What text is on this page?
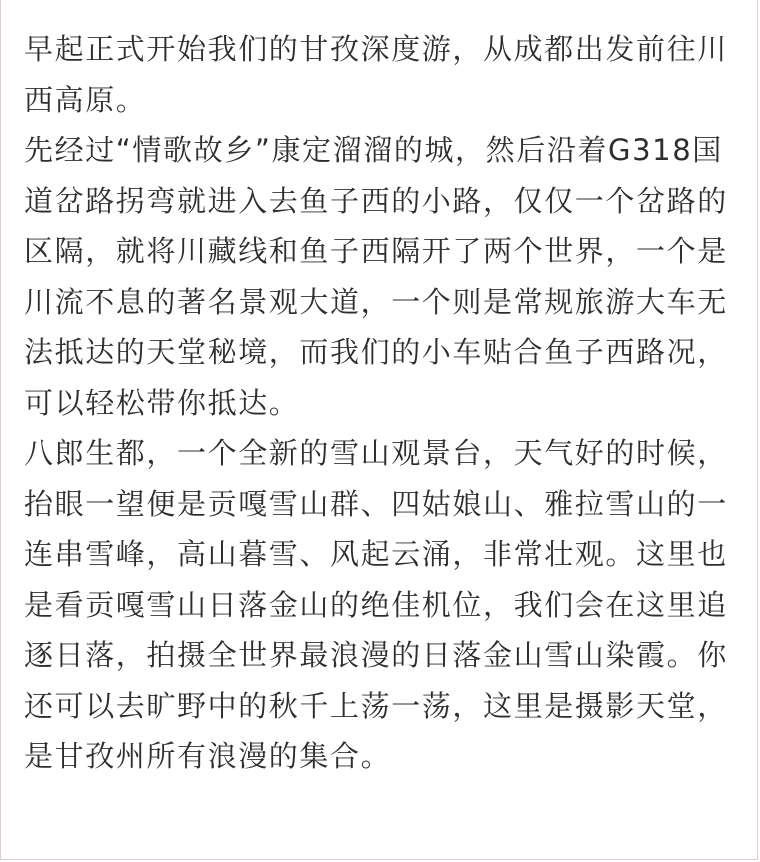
早起正式开始我们的甘孜深度游，从成都出发前往川西高原。

先经过“情歌故乡”康定溜溜的城，然后沿着G318国道岔路拐弯就进入去鱼子西的小路，仅仅一个岔路的区隔，就将川藏线和鱼子西隔开了两个世界，一个是川流不息的著名景观大道，一个则是常规旅游大车无法抵达的天堂秘境，而我们的小车贴合鱼子西路况，可以轻松带你抵达。

八郎生都，一个全新的雪山观景台，天气好的时候，抬眼一望便是贡嘎雪山群、四姑娘山、雅拉雪山的一连串雪峰，高山暮雪、风起云涌，非常壮观。这里也是看贡嘎雪山日落金山的绝佳机位，我们会在这里追逐日落，拍摄全世界最浪漫的日落金山雪山染霞。你还可以去旷野中的秋千上荡一荡，这里是摄影天堂，是甘孜州所有浪漫的集合。
